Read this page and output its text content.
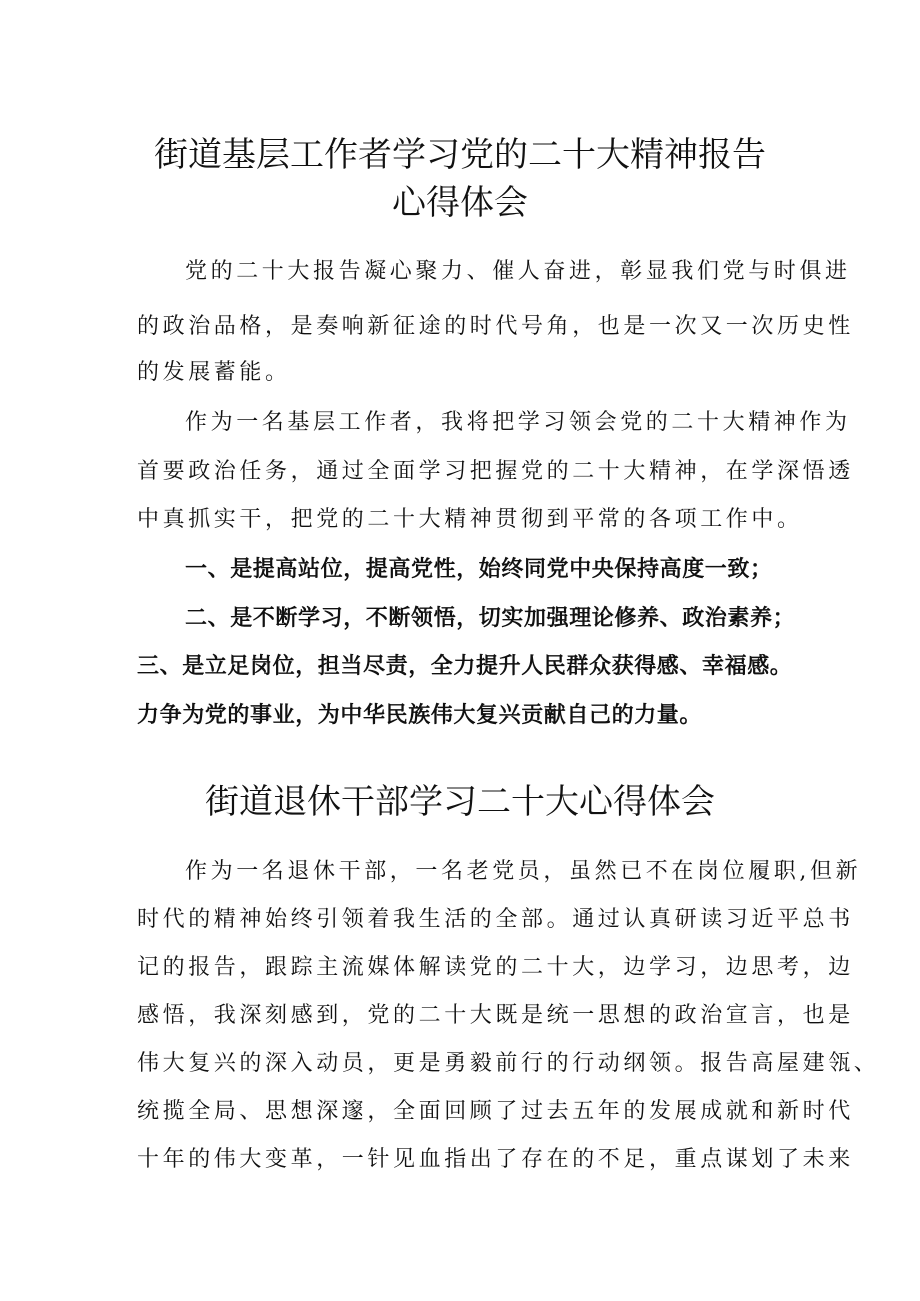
街道基层工作者学习党的二十大精神报告
心得体会
党的二十大报告凝心聚力、催人奋进，彰显我们党与时俱进
的政治品格，是奏响新征途的时代号角，也是一次又一次历史性
的发展蓄能。
作为一名基层工作者，我将把学习领会党的二十大精神作为
首要政治任务，通过全面学习把握党的二十大精神，在学深悟透
中真抓实干，把党的二十大精神贯彻到平常的各项工作中。
一、是提高站位，提高党性，始终同党中央保持高度一致；
二、是不断学习，不断领悟，切实加强理论修养、政治素养；
三、是立足岗位，担当尽责，全力提升人民群众获得感、幸福感。
力争为党的事业，为中华民族伟大复兴贡献自己的力量。
街道退休干部学习二十大心得体会
作为一名退休干部，一名老党员，虽然已不在岗位履职,但新
时代的精神始终引领着我生活的全部。通过认真研读习近平总书
记的报告，跟踪主流媒体解读党的二十大，边学习，边思考，边
感悟，我深刻感到，党的二十大既是统一思想的政治宣言，也是
伟大复兴的深入动员，更是勇毅前行的行动纲领。报告高屋建瓴、
统揽全局、思想深邃，全面回顾了过去五年的发展成就和新时代
十年的伟大变革，一针见血指出了存在的不足，重点谋划了未来
